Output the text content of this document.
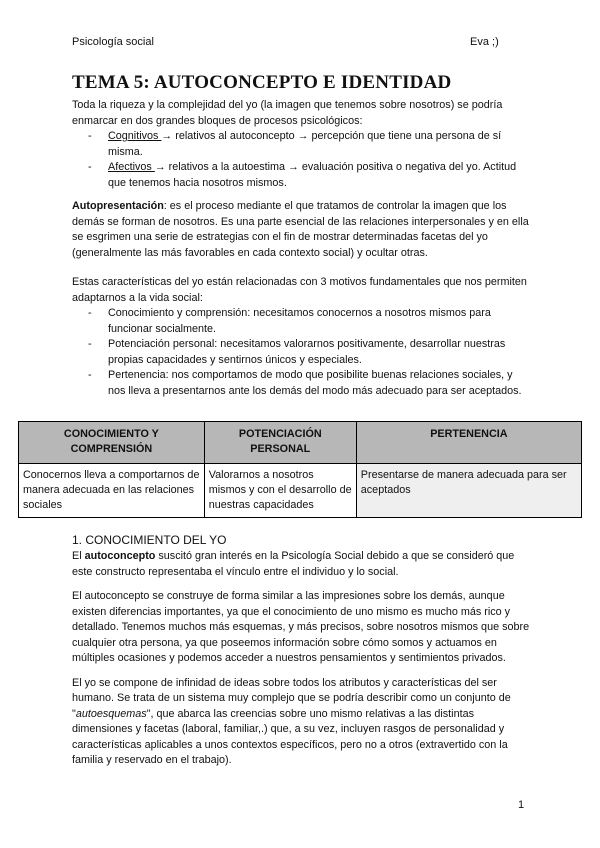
Psicología social	Eva ;)
TEMA 5: AUTOCONCEPTO E IDENTIDAD

Toda la riqueza y la complejidad del yo (la imagen que tenemos sobre nosotros) se podría enmarcar en dos grandes bloques de procesos psicológicos:

- Cognitivos → relativos al autoconcepto → percepción que tiene una persona de sí misma.
- Afectivos → relativos a la autoestima → evaluación positiva o negativa del yo. Actitud que tenemos hacia nosotros mismos.

Autopresentación: es el proceso mediante el que tratamos de controlar la imagen que los demás se forman de nosotros. Es una parte esencial de las relaciones interpersonales y en ella se esgrimen una serie de estrategias con el fin de mostrar determinadas facetas del yo (generalmente las más favorables en cada contexto social) y ocultar otras.

Estas características del yo están relacionadas con 3 motivos fundamentales que nos permiten adaptarnos a la vida social:

- Conocimiento y comprensión: necesitamos conocernos a nosotros mismos para funcionar socialmente.
- Potenciación personal: necesitamos valorarnos positivamente, desarrollar nuestras propias capacidades y sentirnos únicos y especiales.
- Pertenencia: nos comportamos de modo que posibilite buenas relaciones sociales, y nos lleva a presentarnos ante los demás del modo más adecuado para ser aceptados.
CONOCIMIENTO Y COMPRENSIÓN	POTENCIACIÓN PERSONAL	PERTENENCIA
Conocernos lleva a comportarnos de manera adecuada en las relaciones sociales	Valorarnos a nosotros mismos y con el desarrollo de nuestras capacidades	Presentarse de manera adecuada para ser aceptados
1. CONOCIMIENTO DEL YO

El autoconcepto suscitó gran interés en la Psicología Social debido a que se consideró que este constructo representaba el vínculo entre el individuo y lo social.

El autoconcepto se construye de forma similar a las impresiones sobre los demás, aunque existen diferencias importantes, ya que el conocimiento de uno mismo es mucho más rico y detallado. Tenemos muchos más esquemas, y más precisos, sobre nosotros mismos que sobre cualquier otra persona, ya que poseemos información sobre cómo somos y actuamos en múltiples ocasiones y podemos acceder a nuestros pensamientos y sentimientos privados.

El yo se compone de infinidad de ideas sobre todos los atributos y características del ser humano. Se trata de un sistema muy complejo que se podría describir como un conjunto de "autoesquemas", que abarca las creencias sobre uno mismo relativas a las distintas dimensiones y facetas (laboral, familiar,.) que, a su vez, incluyen rasgos de personalidad y características aplicables a unos contextos específicos, pero no a otros (extravertido con la familia y reservado en el trabajo).

1
